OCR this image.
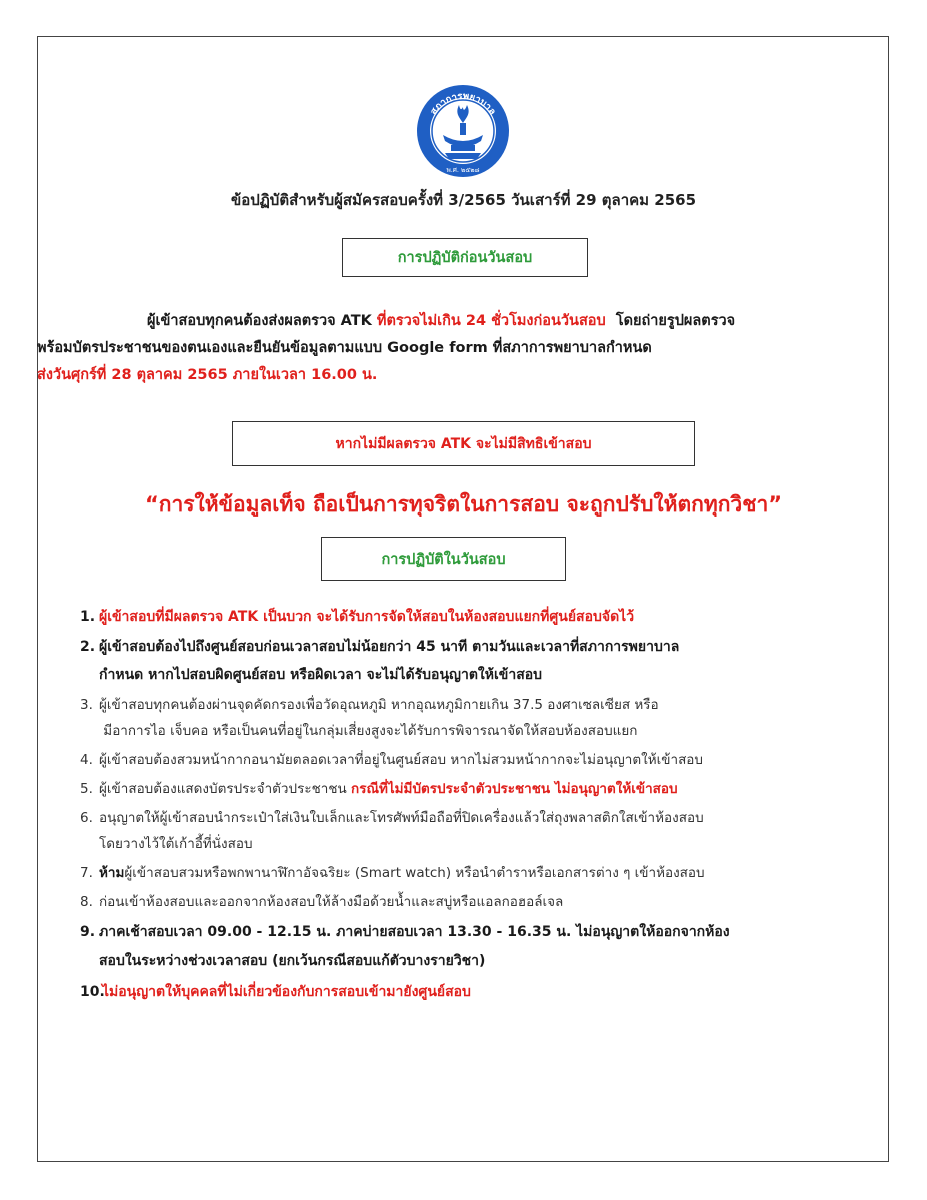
สภาการพยาบาล
พ.ศ. ๒๕๒๘
ข้อปฏิบัติสำหรับผู้สมัครสอบครั้งที่ 3/2565 วันเสาร์ที่ 29 ตุลาคม 2565
การปฏิบัติก่อนวันสอบ
ผู้เข้าสอบทุกคนต้องส่งผลตรวจ ATK ที่ตรวจไม่เกิน 24 ชั่วโมงก่อนวันสอบ  โดยถ่ายรูปผลตรวจ
พร้อมบัตรประชาชนของตนเองและยืนยันข้อมูลตามแบบ Google form ที่สภาการพยาบาลกำหนด
ส่งวันศุกร์ที่ 28 ตุลาคม 2565 ภายในเวลา 16.00 น.
หากไม่มีผลตรวจ ATK จะไม่มีสิทธิเข้าสอบ
“การให้ข้อมูลเท็จ ถือเป็นการทุจริตในการสอบ จะถูกปรับให้ตกทุกวิชา”
การปฏิบัติในวันสอบ
1. ผู้เข้าสอบที่มีผลตรวจ ATK เป็นบวก จะได้รับการจัดให้สอบในห้องสอบแยกที่ศูนย์สอบจัดไว้
2. ผู้เข้าสอบต้องไปถึงศูนย์สอบก่อนเวลาสอบไม่น้อยกว่า 45 นาที ตามวันและเวลาที่สภาการพยาบาล
กำหนด หากไปสอบผิดศูนย์สอบ หรือผิดเวลา จะไม่ได้รับอนุญาตให้เข้าสอบ
3. ผู้เข้าสอบทุกคนต้องผ่านจุดคัดกรองเพื่อวัดอุณหภูมิ หากอุณหภูมิกายเกิน 37.5 องศาเซลเซียส หรือ
มีอาการไอ เจ็บคอ หรือเป็นคนที่อยู่ในกลุ่มเสี่ยงสูงจะได้รับการพิจารณาจัดให้สอบห้องสอบแยก
4. ผู้เข้าสอบต้องสวมหน้ากากอนามัยตลอดเวลาที่อยู่ในศูนย์สอบ หากไม่สวมหน้ากากจะไม่อนุญาตให้เข้าสอบ
5. ผู้เข้าสอบต้องแสดงบัตรประจำตัวประชาชน กรณีที่ไม่มีบัตรประจำตัวประชาชน ไม่อนุญาตให้เข้าสอบ
6. อนุญาตให้ผู้เข้าสอบนำกระเป๋าใส่เงินใบเล็กและโทรศัพท์มือถือที่ปิดเครื่องแล้วใส่ถุงพลาสติกใสเข้าห้องสอบ
โดยวางไว้ใต้เก้าอี้ที่นั่งสอบ
7. ห้ามผู้เข้าสอบสวมหรือพกพานาฬิกาอัจฉริยะ (Smart watch) หรือนำตำราหรือเอกสารต่าง ๆ เข้าห้องสอบ
8. ก่อนเข้าห้องสอบและออกจากห้องสอบให้ล้างมือด้วยน้ำและสบู่หรือแอลกอฮอล์เจล
9. ภาคเช้าสอบเวลา 09.00 - 12.15 น. ภาคบ่ายสอบเวลา 13.30 - 16.35 น. ไม่อนุญาตให้ออกจากห้อง
สอบในระหว่างช่วงเวลาสอบ (ยกเว้นกรณีสอบแก้ตัวบางรายวิชา)
10.
ไม่อนุญาตให้บุคคลที่ไม่เกี่ยวข้องกับการสอบเข้ามายังศูนย์สอบ
